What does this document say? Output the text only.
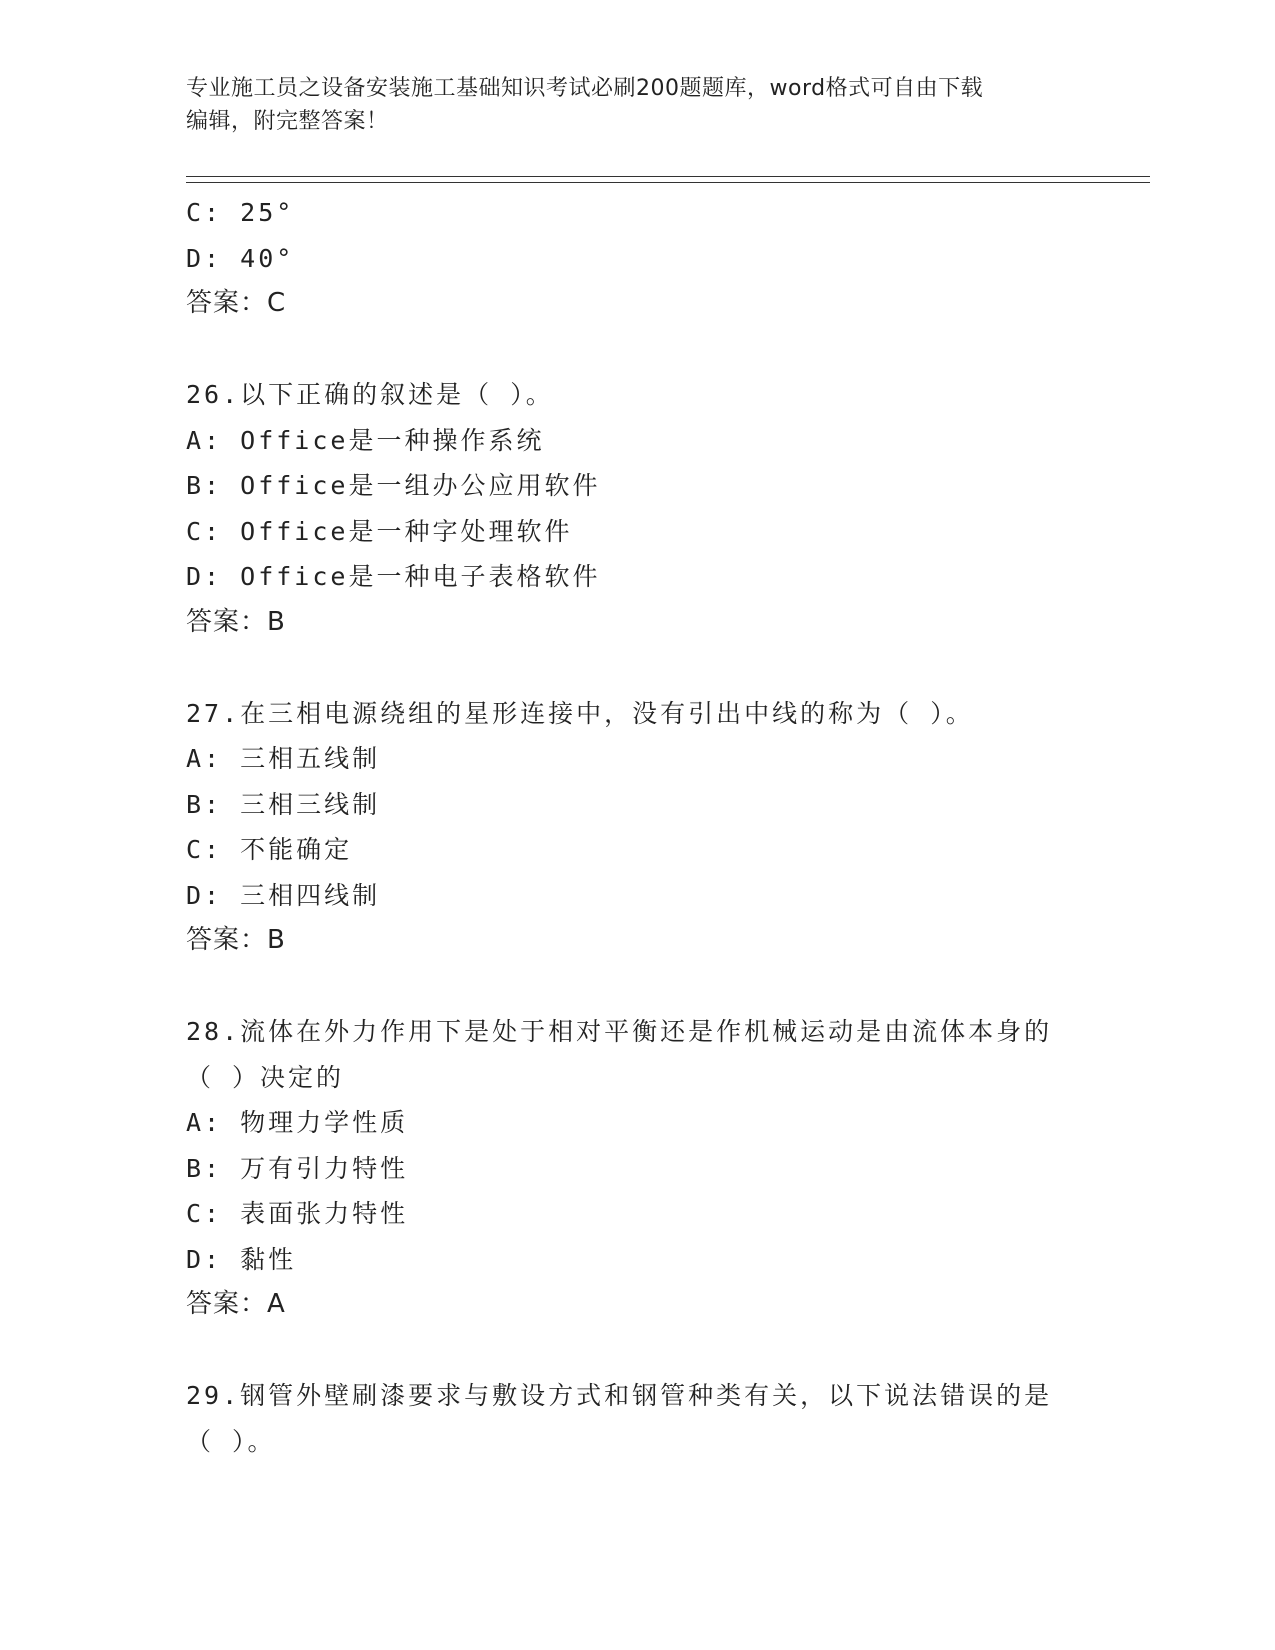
专业施工员之设备安装施工基础知识考试必刷200题题库，word格式可自由下载
编辑，附完整答案！
C: 25°
D: 40°
答案：C
26.以下正确的叙述是（ ）。
A: Office是一种操作系统
B: Office是一组办公应用软件
C: Office是一种字处理软件
D: Office是一种电子表格软件
答案：B
27.在三相电源绕组的星形连接中，没有引出中线的称为（ ）。
A: 三相五线制
B: 三相三线制
C: 不能确定
D: 三相四线制
答案：B
28.流体在外力作用下是处于相对平衡还是作机械运动是由流体本身的
（ ）决定的
A: 物理力学性质
B: 万有引力特性
C: 表面张力特性
D: 黏性
答案：A
29.钢管外壁刷漆要求与敷设方式和钢管种类有关，以下说法错误的是
（ ）。
